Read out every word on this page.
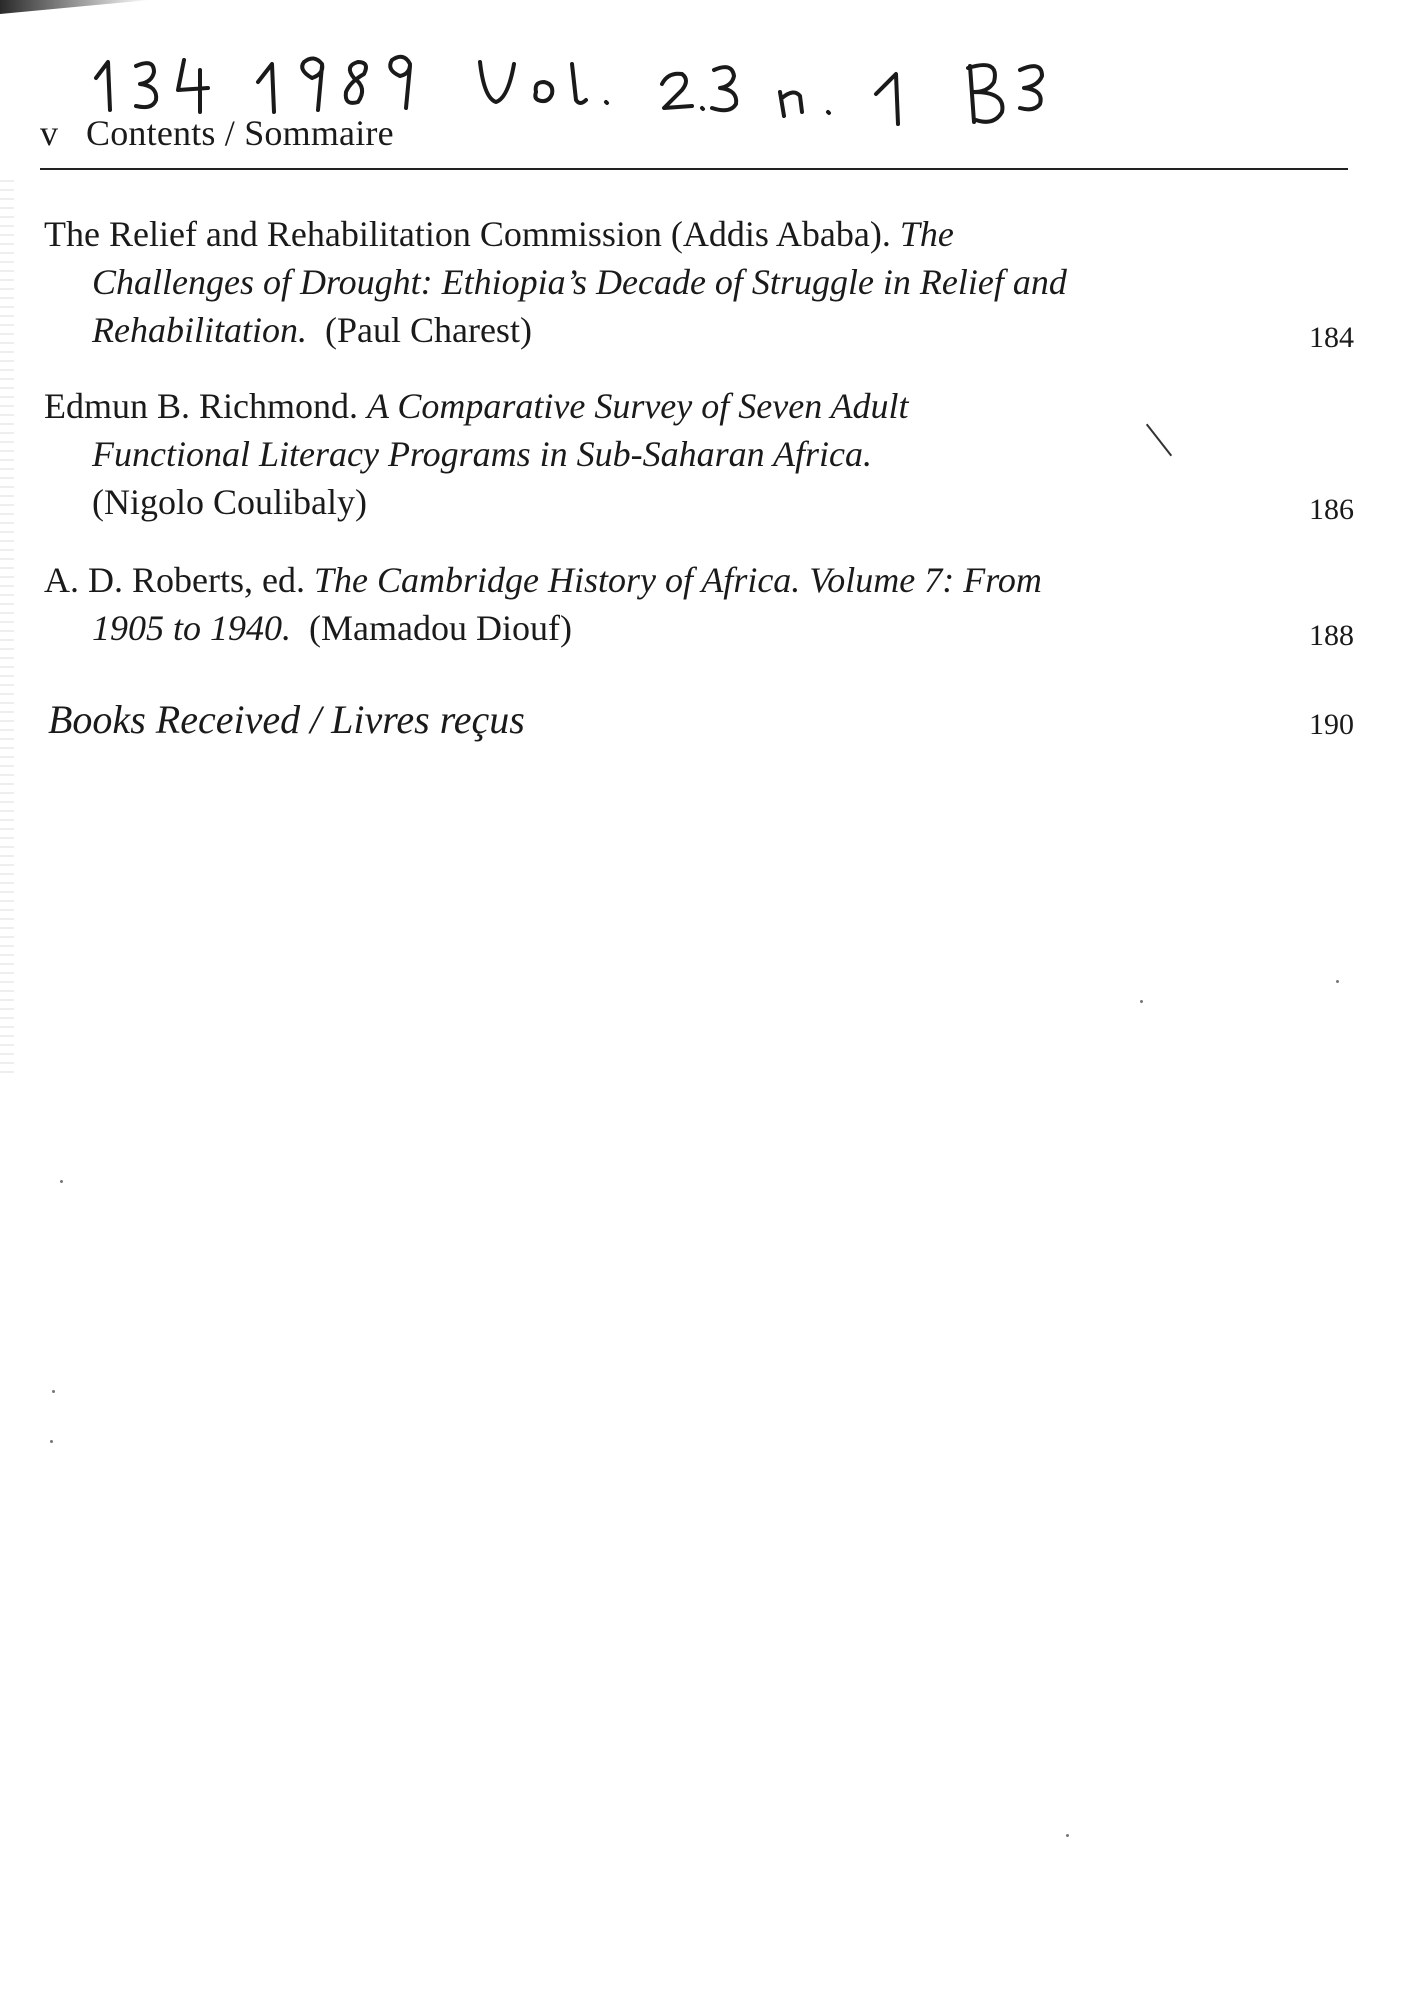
v Contents / Sommaire
The Relief and Rehabilitation Commission (Addis Ababa). The
Challenges of Drought: Ethiopia’s Decade of Struggle in Relief and
Rehabilitation. (Paul Charest)	184
Edmun B. Richmond. A Comparative Survey of Seven Adult
Functional Literacy Programs in Sub-Saharan Africa.
(Nigolo Coulibaly)	186
A. D. Roberts, ed. The Cambridge History of Africa. Volume 7: From
1905 to 1940. (Mamadou Diouf)	188
Books Received / Livres reçus	190
